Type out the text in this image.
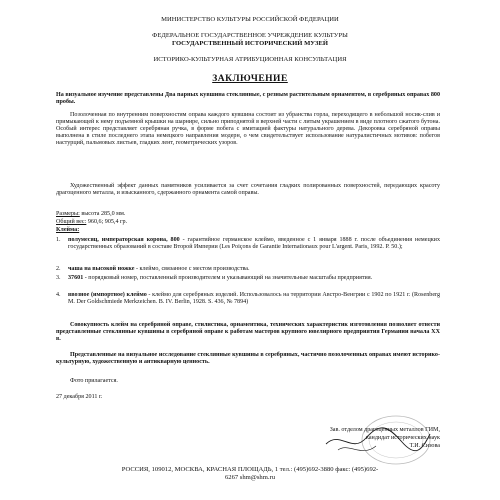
МИНИСТЕРСТВО КУЛЬТУРЫ РОССИЙСКОЙ ФЕДЕРАЦИИ
ФЕДЕРАЛЬНОЕ ГОСУДАРСТВЕННОЕ УЧРЕЖДЕНИЕ КУЛЬТУРЫ
ГОСУДАРСТВЕННЫЙ ИСТОРИЧЕСКИЙ МУЗЕЙ
ИСТОРИКО-КУЛЬТУРНАЯ АТРИБУЦИОННАЯ КОНСУЛЬТАЦИЯ
ЗАКЛЮЧЕНИЕ
На визуальное изучение представлены Два парных кувшина стеклянные, с резным растительным орнаментом, в серебряных оправах 800 пробы.
Позолоченная по внутренним поверхностям оправа каждого кувшина состоит из убранства горла, переходящего в небольшой носик-слив и примыкающей к нему подъемной крышки на шарнире, сильно приподнятой в верхней части с литым украшением в виде плотного сжатого бутона. Особый интерес представляет серебряная ручка, в форме побега с имитацией фактуры натурального дерева. Декоровка серебряной оправы выполнена в стиле последнего этапа немецкого направления модерн, о чем свидетельствует использование натуралистичных мотивов: побегов настурций, пальмовых листьев, гладких лент, геометрических узоров.
Художественный эффект данных памятников усиливается за счет сочетания гладких полированных поверхностей, передающих красоту драгоценного металла, и изысканного, сдержанного орнамента самой оправы.
Размеры: высота 285,0 мм.
Общий вес: 960,6; 905,4 гр.
Клейма:
1.	полумесяц, императорская корона, 800 - гарантийное германское клеймо, введенное с 1 января 1888 г. после объединения немецких государственных образований в составе Второй Империи (Les Poiçons de Garantie Internationaux pour L'argent. Paris, 1992. P. 50.);
2.	чаша на высокой ножке - клеймо, связанное с местом производства.
3.	37601 - порядковый номер, поставленный производителем и указывающий на значительные масштабы предприятия.
4.	ввозное (импортное) клеймо - клеймо для серебряных изделий. Использовалось на территории Австро-Венгрии с 1902 по 1921 г. (Rosenberg M. Der Goldschmiede Merkzeichen. B. IV. Berlin, 1928. S. 436, № 7894)
Совокупность клейм на серебряной оправе, стилистика, орнаментика, технических характеристик изготовления позволяет отнести представленные стеклянные кувшины в серебряной оправе к работам мастеров крупного ювелирного предприятия Германии начала XX в.
Представленные на визуальное исследование стеклянные кувшины в серебряных, частично позолоченных оправах имеют историко-культурную, художественную и антикварную ценность.
Фото прилагается.
27 декабря 2011 г.
Зав. отделом драгоценных металлов ГИМ,
кандидат исторических наук
Т.И. Сизова
РОССИЯ, 109012, МОСКВА, КРАСНАЯ ПЛОЩАДЬ, 1 тел.: (495)692-3880 факс: (495)692-
6267 shm@shm.ru
